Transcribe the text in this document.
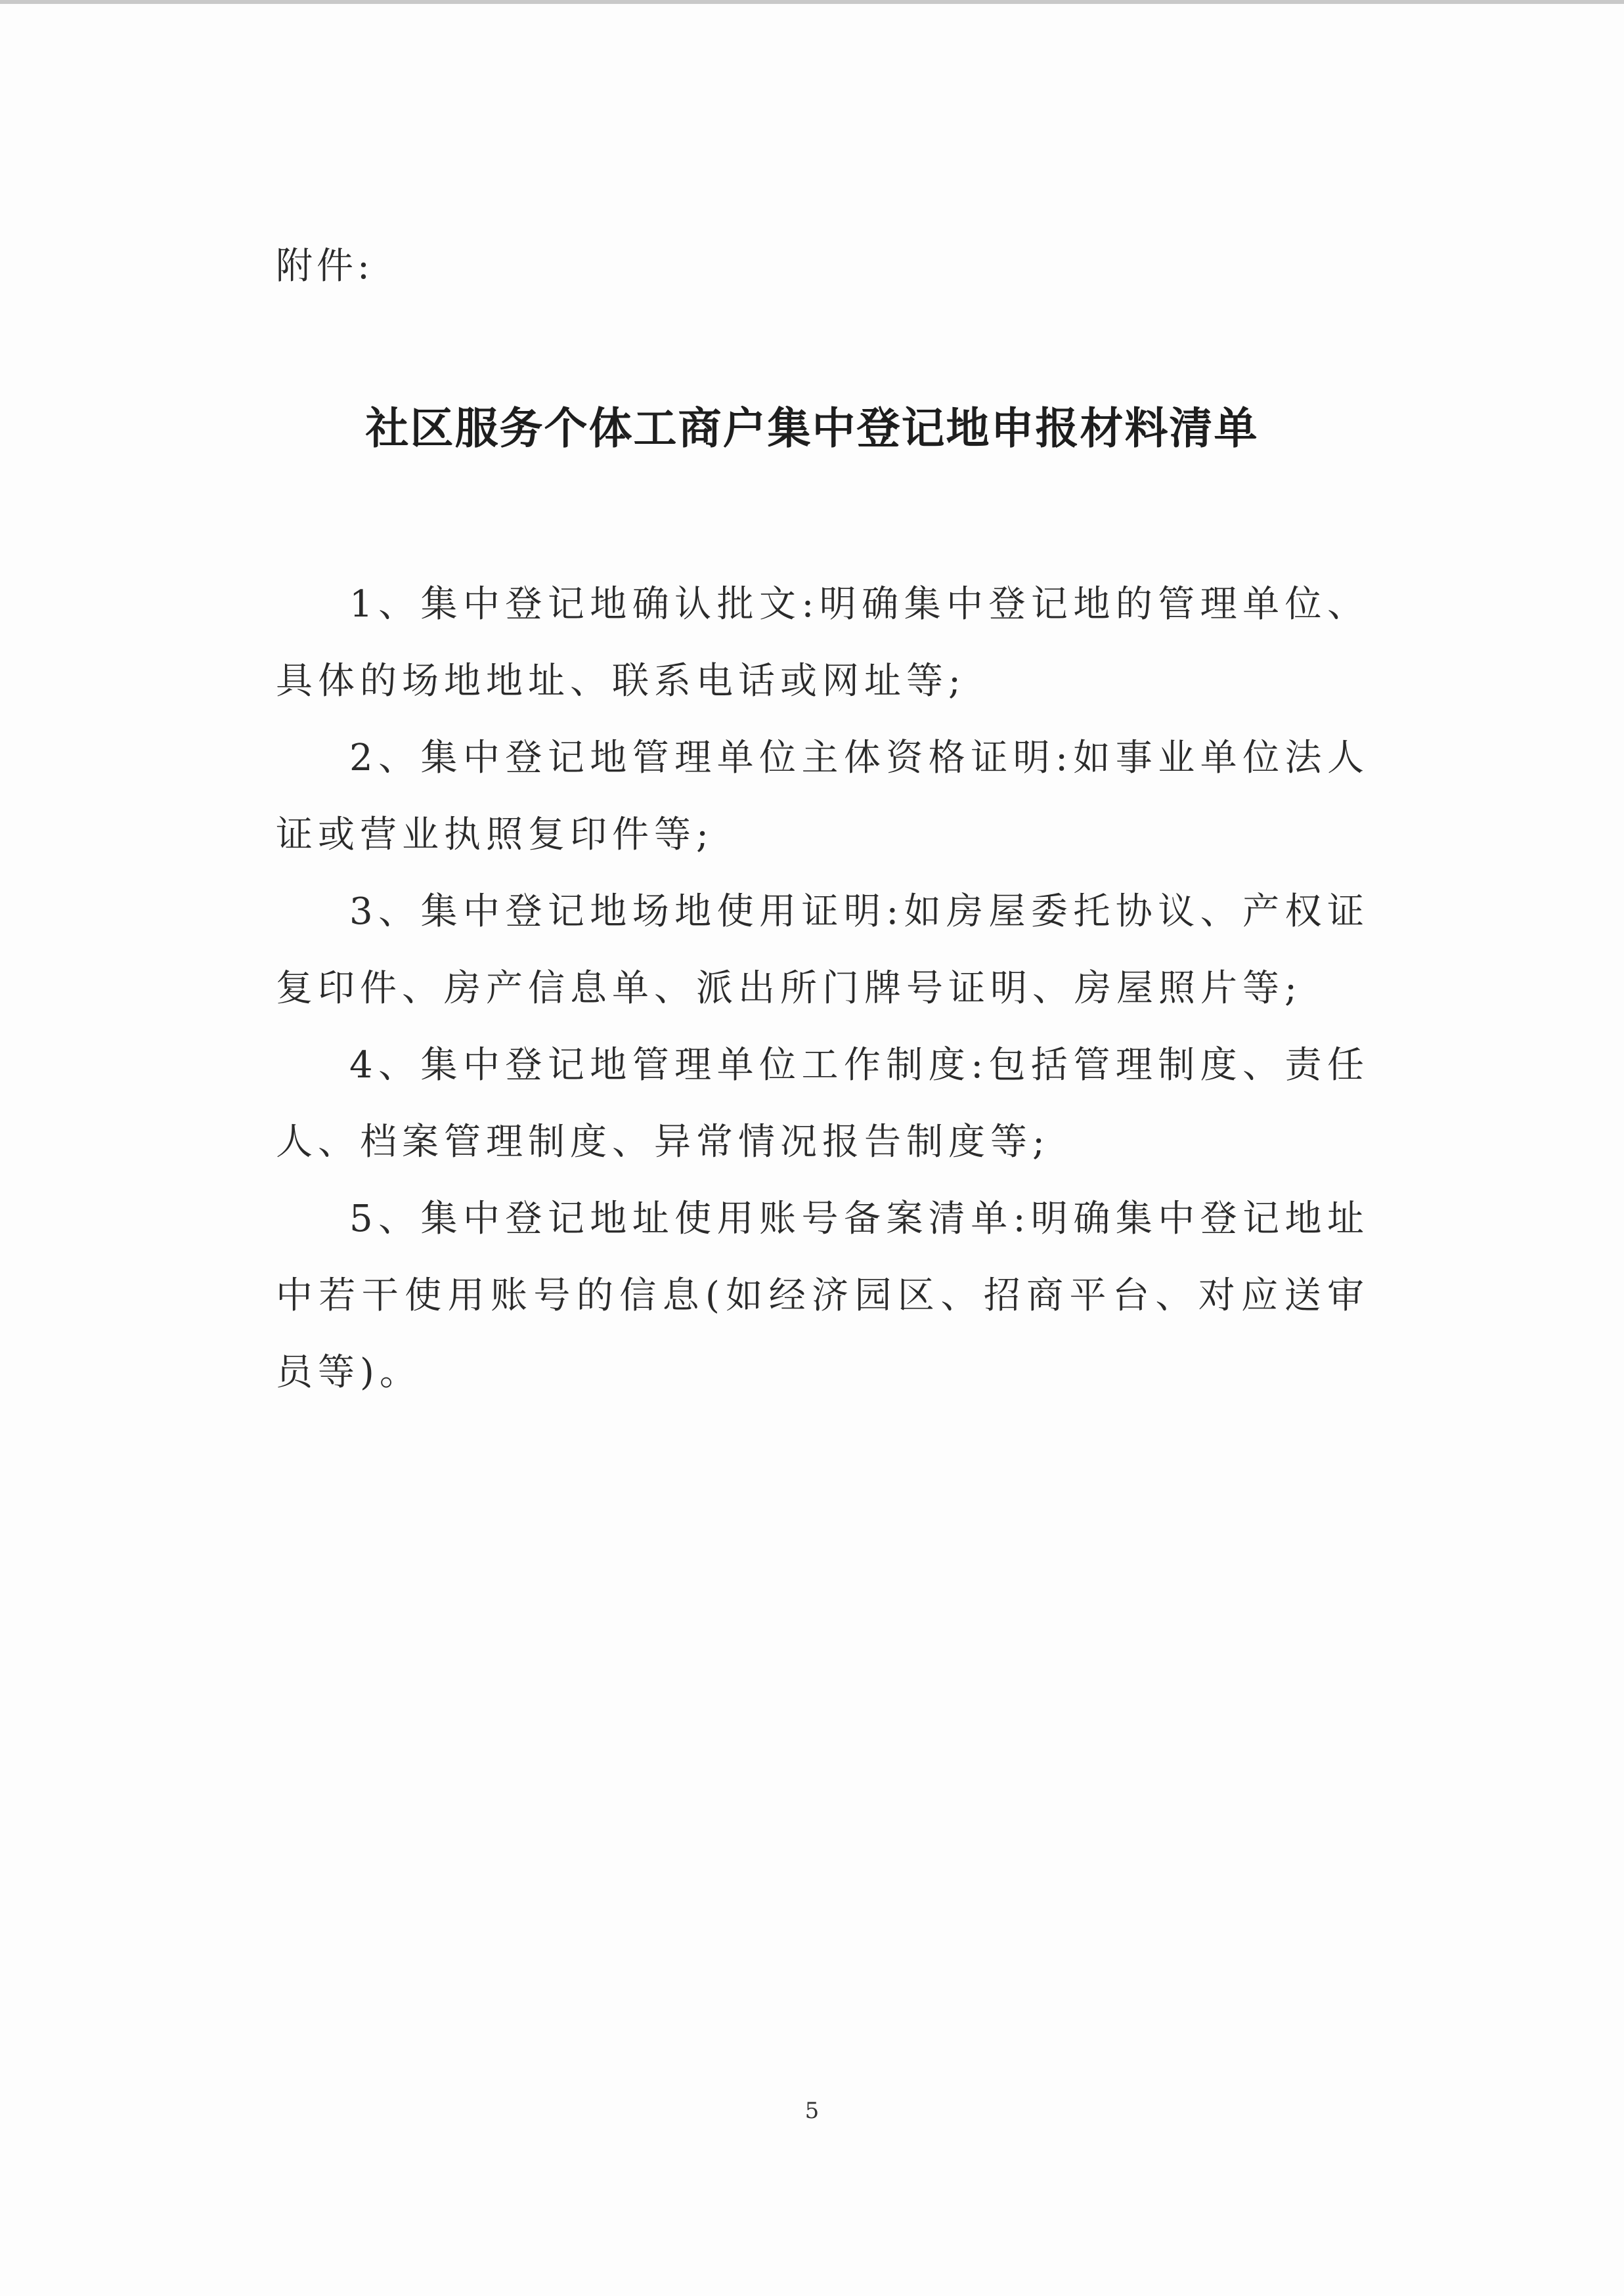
附件:
社区服务个体工商户集中登记地申报材料清单

1、集中登记地确认批文:明确集中登记地的管理单位、具体的场地地址、联系电话或网址等;

2、集中登记地管理单位主体资格证明:如事业单位法人证或营业执照复印件等;

3、集中登记地场地使用证明:如房屋委托协议、产权证复印件、房产信息单、派出所门牌号证明、房屋照片等;

4、集中登记地管理单位工作制度:包括管理制度、责任人、档案管理制度、异常情况报告制度等;

5、集中登记地址使用账号备案清单:明确集中登记地址中若干使用账号的信息(如经济园区、招商平台、对应送审员等)。

5
